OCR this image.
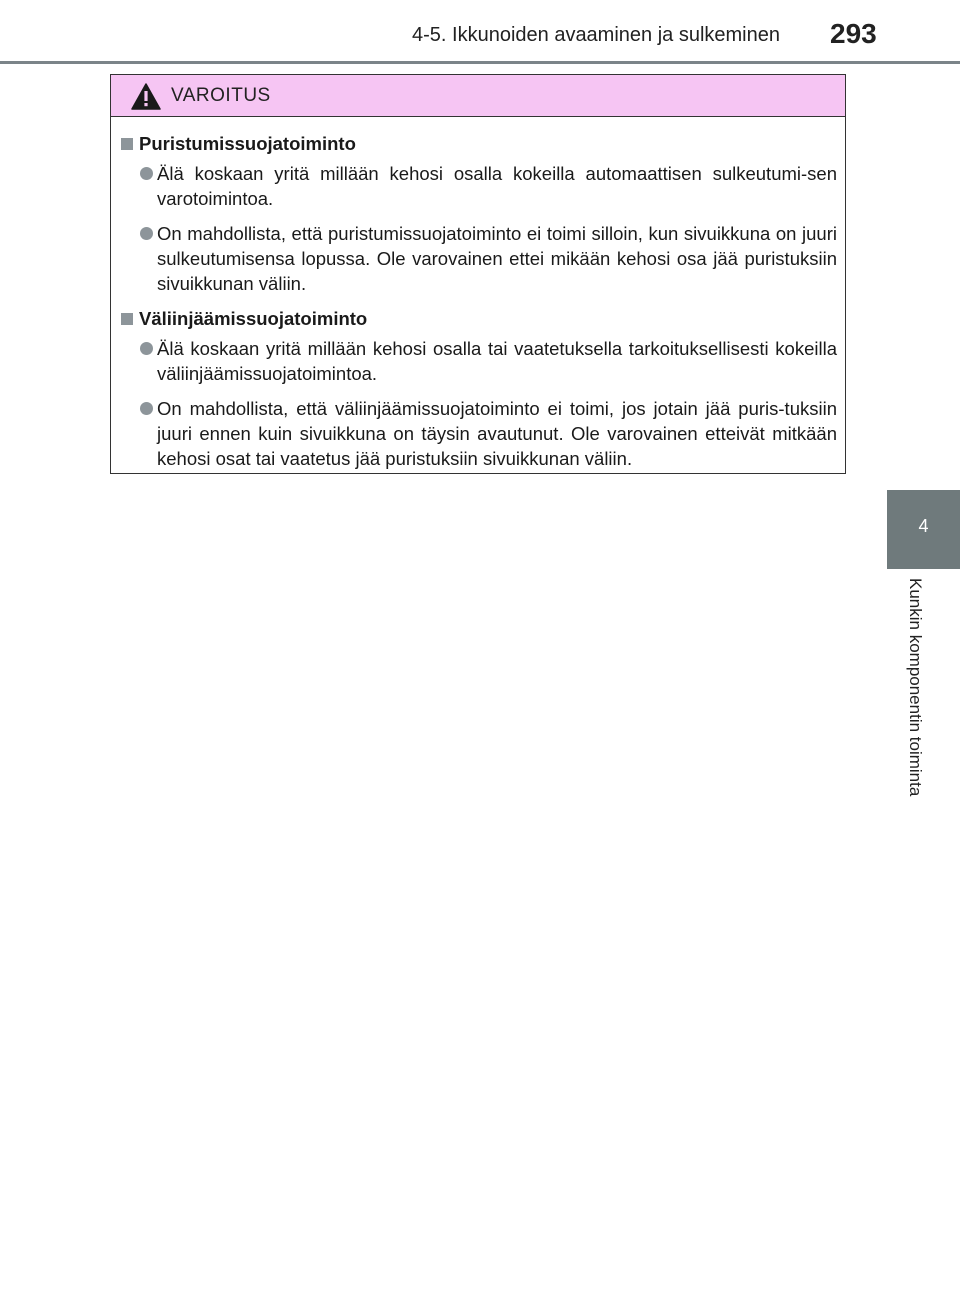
4-5. Ikkunoiden avaaminen ja sulkeminen 293
4
Kunkin komponentin toiminta
VAROITUS
Puristumissuojatoiminto
Älä koskaan yritä millään kehosi osalla kokeilla automaattisen sulkeutumi-sen varotoimintoa.
On mahdollista, että puristumissuojatoiminto ei toimi silloin, kun sivuikkuna on juuri sulkeutumisensa lopussa. Ole varovainen ettei mikään kehosi osa jää puristuksiin sivuikkunan väliin.
Väliinjäämissuojatoiminto
Älä koskaan yritä millään kehosi osalla tai vaatetuksella tarkoituksellisesti kokeilla väliinjäämissuojatoimintoa.
On mahdollista, että väliinjäämissuojatoiminto ei toimi, jos jotain jää puris-tuksiin juuri ennen kuin sivuikkuna on täysin avautunut. Ole varovainen etteivät mitkään kehosi osat tai vaatetus jää puristuksiin sivuikkunan väliin.
